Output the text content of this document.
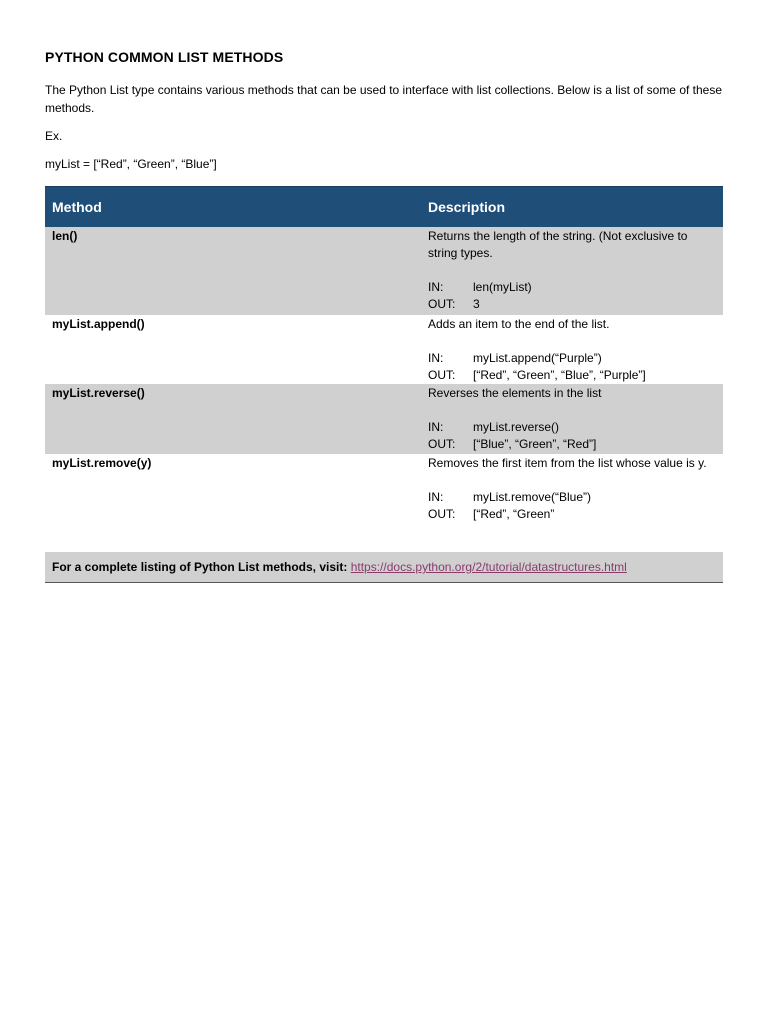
PYTHON COMMON LIST METHODS
The Python List type contains various methods that can be used to interface with list collections. Below is a list of some of these methods.
Ex.
myList = [“Red”, “Green”, “Blue”]
Method	Description
len()	Returns the length of the string. (Not exclusive to string types.
IN:	len(myList)
OUT:	3
myList.append()	Adds an item to the end of the list.
IN:	myList.append(“Purple”)
OUT:	[“Red”, “Green”, “Blue”, “Purple”]
myList.reverse()	Reverses the elements in the list
IN:	myList.reverse()
OUT:	[“Blue”, “Green”, “Red”]
myList.remove(y)	Removes the first item from the list whose value is y.
IN:	myList.remove(“Blue”)
OUT:	[“Red”, “Green”
For a complete listing of Python List methods, visit: https://docs.python.org/2/tutorial/datastructures.html
